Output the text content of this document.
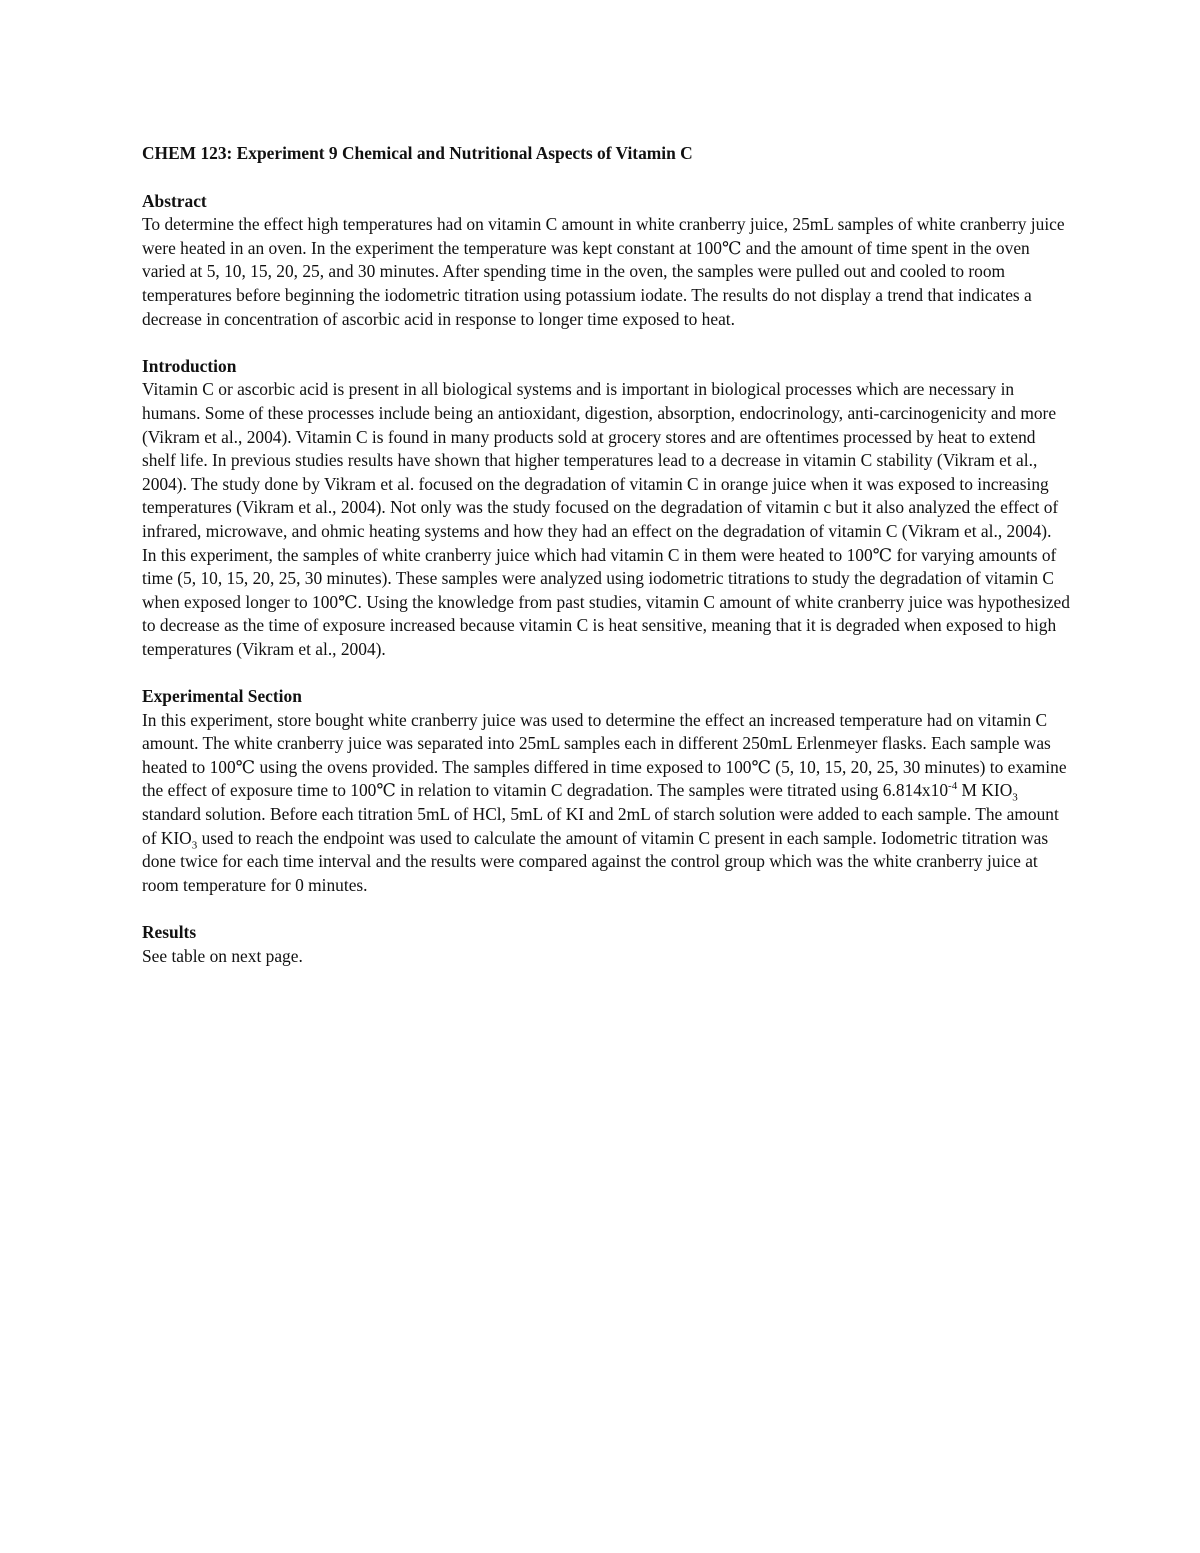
CHEM 123: Experiment 9 Chemical and Nutritional Aspects of Vitamin C
Abstract

To determine the effect high temperatures had on vitamin C amount in white cranberry juice, 25mL samples of white cranberry juice were heated in an oven. In the experiment the temperature was kept constant at 100℃ and the amount of time spent in the oven varied at 5, 10, 15, 20, 25, and 30 minutes. After spending time in the oven, the samples were pulled out and cooled to room temperatures before beginning the iodometric titration using potassium iodate. The results do not display a trend that indicates a decrease in concentration of ascorbic acid in response to longer time exposed to heat.

Introduction

Vitamin C or ascorbic acid is present in all biological systems and is important in biological processes which are necessary in humans. Some of these processes include being an antioxidant, digestion, absorption, endocrinology, anti-carcinogenicity and more (Vikram et al., 2004). Vitamin C is found in many products sold at grocery stores and are oftentimes processed by heat to extend shelf life. In previous studies results have shown that higher temperatures lead to a decrease in vitamin C stability (Vikram et al., 2004). The study done by Vikram et al. focused on the degradation of vitamin C in orange juice when it was exposed to increasing temperatures (Vikram et al., 2004). Not only was the study focused on the degradation of vitamin c but it also analyzed the effect of infrared, microwave, and ohmic heating systems and how they had an effect on the degradation of vitamin C (Vikram et al., 2004). In this experiment, the samples of white cranberry juice which had vitamin C in them were heated to 100℃ for varying amounts of time (5, 10, 15, 20, 25, 30 minutes). These samples were analyzed using iodometric titrations to study the degradation of vitamin C when exposed longer to 100℃. Using the knowledge from past studies, vitamin C amount of white cranberry juice was hypothesized to decrease as the time of exposure increased because vitamin C is heat sensitive, meaning that it is degraded when exposed to high temperatures (Vikram et al., 2004).

Experimental Section

In this experiment, store bought white cranberry juice was used to determine the effect an increased temperature had on vitamin C amount. The white cranberry juice was separated into 25mL samples each in different 250mL Erlenmeyer flasks. Each sample was heated to 100℃ using the ovens provided. The samples differed in time exposed to 100℃ (5, 10, 15, 20, 25, 30 minutes) to examine the effect of exposure time to 100℃ in relation to vitamin C degradation. The samples were titrated using $6.814x10^{-4}$ M $KIO_3$ standard solution. Before each titration 5mL of HCl, 5mL of KI and 2mL of starch solution were added to each sample. The amount of $KIO_3$ used to reach the endpoint was used to calculate the amount of vitamin C present in each sample. Iodometric titration was done twice for each time interval and the results were compared against the control group which was the white cranberry juice at room temperature for 0 minutes.

Results

See table on next page.
